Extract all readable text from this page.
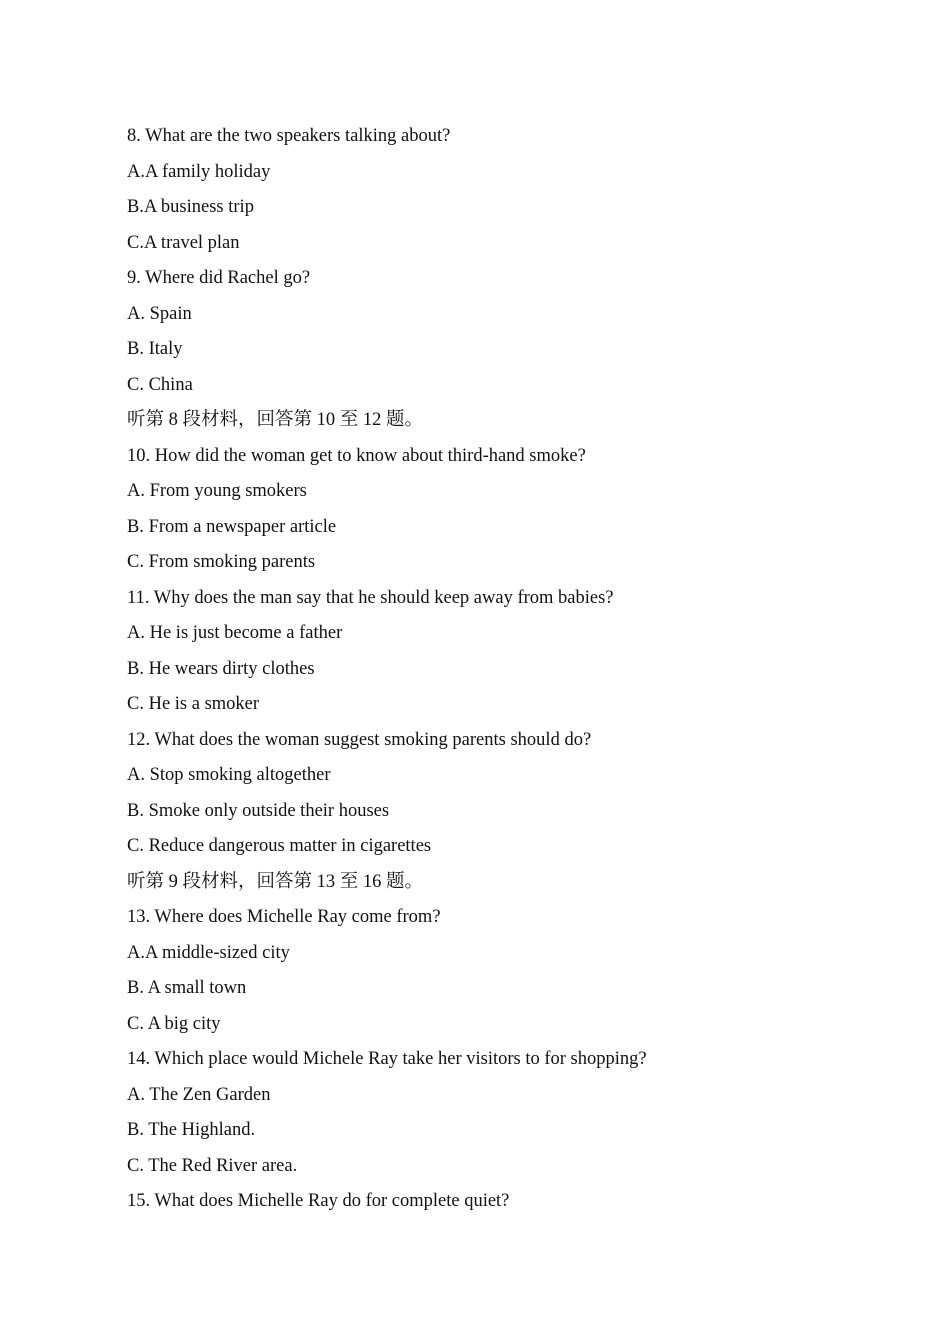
8. What are the two speakers talking about?
A.A family holiday
B.A business trip
C.A travel plan
9. Where did Rachel go?
A. Spain
B. Italy
C. China
听第 8 段材料，回答第 10 至 12 题。
10. How did the woman get to know about third-hand smoke?
A. From young smokers
B. From a newspaper article
C. From smoking parents
11. Why does the man say that he should keep away from babies?
A. He is just become a father
B. He wears dirty clothes
C. He is a smoker
12. What does the woman suggest smoking parents should do?
A. Stop smoking altogether
B. Smoke only outside their houses
C. Reduce dangerous matter in cigarettes
听第 9 段材料，回答第 13 至 16 题。
13. Where does Michelle Ray come from?
A.A middle-sized city
B. A small town
C. A big city
14. Which place would Michele Ray take her visitors to for shopping?
A. The Zen Garden
B. The Highland.
C. The Red River area.
15. What does Michelle Ray do for complete quiet?
